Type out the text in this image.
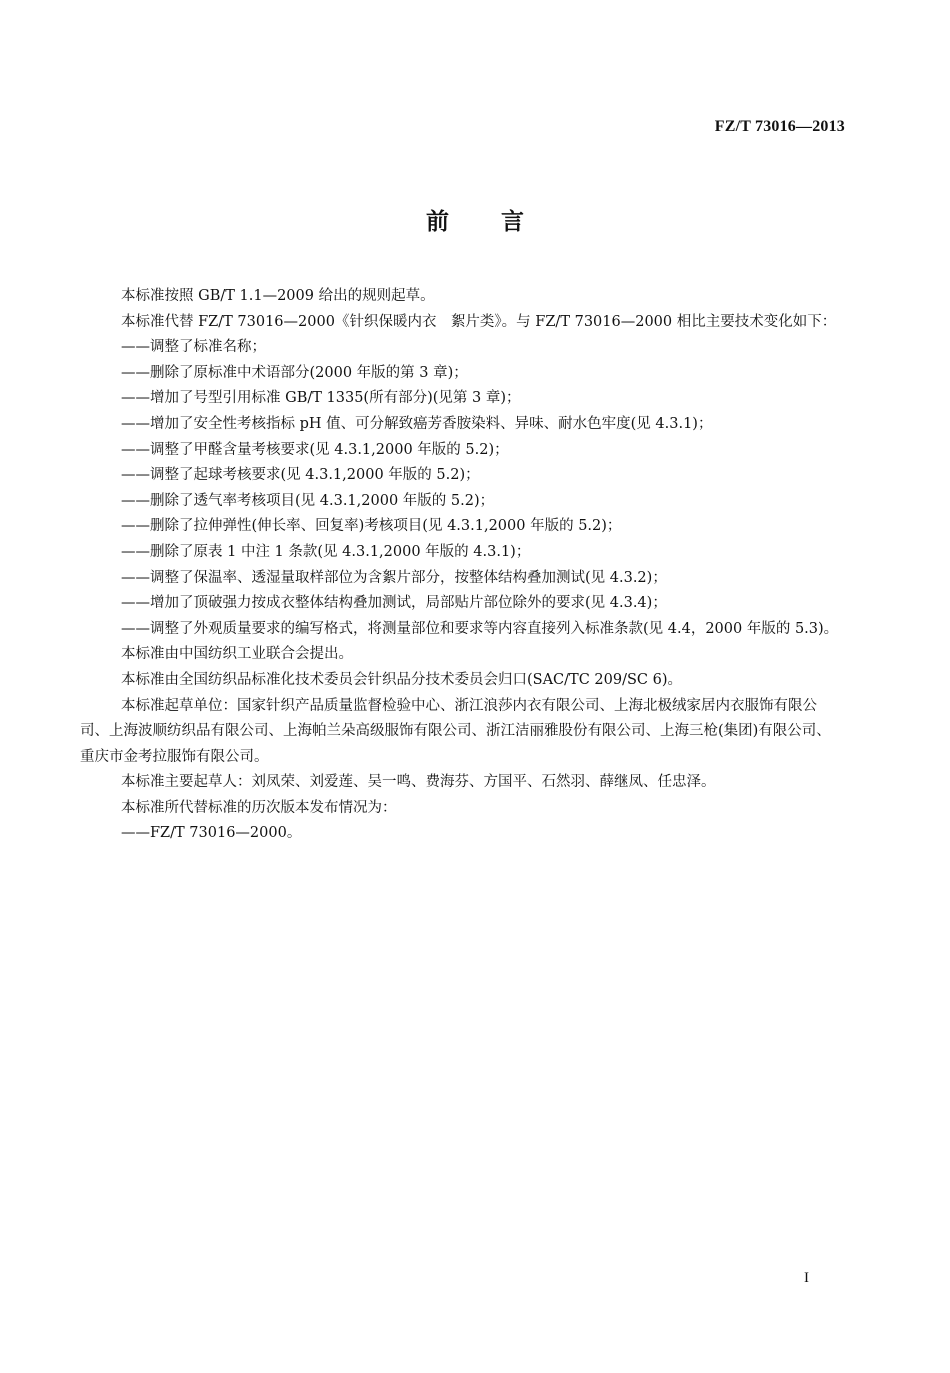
FZ/T 73016—2013
前言

本标准按照 GB/T 1.1—2009 给出的规则起草。

本标准代替 FZ/T 73016—2000《针织保暖内衣　絮片类》。与 FZ/T 73016—2000 相比主要技术变化如下：

——调整了标准名称；

——删除了原标准中术语部分(2000 年版的第 3 章)；

——增加了号型引用标准 GB/T 1335(所有部分)(见第 3 章)；

——增加了安全性考核指标 pH 值、可分解致癌芳香胺染料、异味、耐水色牢度(见 4.3.1)；

——调整了甲醛含量考核要求(见 4.3.1,2000 年版的 5.2)；

——调整了起球考核要求(见 4.3.1,2000 年版的 5.2)；

——删除了透气率考核项目(见 4.3.1,2000 年版的 5.2)；

——删除了拉伸弹性(伸长率、回复率)考核项目(见 4.3.1,2000 年版的 5.2)；

——删除了原表 1 中注 1 条款(见 4.3.1,2000 年版的 4.3.1)；

——调整了保温率、透湿量取样部位为含絮片部分，按整体结构叠加测试(见 4.3.2)；

——增加了顶破强力按成衣整体结构叠加测试，局部贴片部位除外的要求(见 4.3.4)；

——调整了外观质量要求的编写格式，将测量部位和要求等内容直接列入标准条款(见 4.4，2000 年版的 5.3)。

本标准由中国纺织工业联合会提出。

本标准由全国纺织品标准化技术委员会针织品分技术委员会归口(SAC/TC 209/SC 6)。

本标准起草单位：国家针织产品质量监督检验中心、浙江浪莎内衣有限公司、上海北极绒家居内衣服饰有限公司、上海波顺纺织品有限公司、上海帕兰朵高级服饰有限公司、浙江洁丽雅股份有限公司、上海三枪(集团)有限公司、重庆市金考拉服饰有限公司。

本标准主要起草人：刘凤荣、刘爱莲、吴一鸣、费海芬、方国平、石然羽、薛继凤、任忠泽。

本标准所代替标准的历次版本发布情况为：

——FZ/T 73016—2000。

I
